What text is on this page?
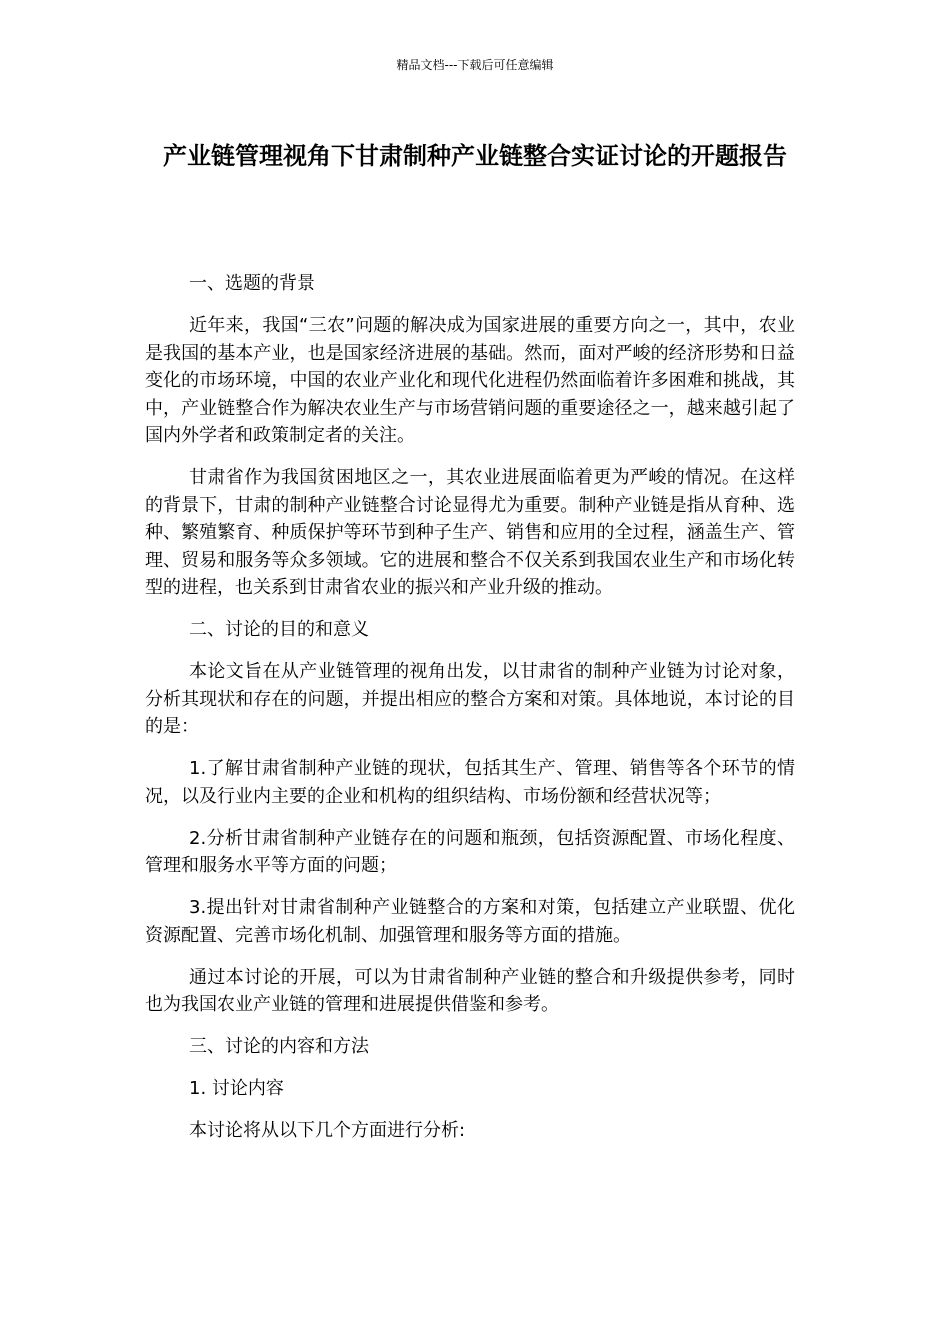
精品文档---下载后可任意编辑
产业链管理视角下甘肃制种产业链整合实证讨论的开题报告

一、选题的背景

近年来，我国“三农”问题的解决成为国家进展的重要方向之一，其中，农业是我国的基本产业，也是国家经济进展的基础。然而，面对严峻的经济形势和日益变化的市场环境，中国的农业产业化和现代化进程仍然面临着许多困难和挑战，其中，产业链整合作为解决农业生产与市场营销问题的重要途径之一，越来越引起了国内外学者和政策制定者的关注。

甘肃省作为我国贫困地区之一，其农业进展面临着更为严峻的情况。在这样的背景下，甘肃的制种产业链整合讨论显得尤为重要。制种产业链是指从育种、选种、繁殖繁育、种质保护等环节到种子生产、销售和应用的全过程，涵盖生产、管理、贸易和服务等众多领域。它的进展和整合不仅关系到我国农业生产和市场化转型的进程，也关系到甘肃省农业的振兴和产业升级的推动。

二、讨论的目的和意义

本论文旨在从产业链管理的视角出发，以甘肃省的制种产业链为讨论对象，分析其现状和存在的问题，并提出相应的整合方案和对策。具体地说，本讨论的目的是：

1.了解甘肃省制种产业链的现状，包括其生产、管理、销售等各个环节的情况，以及行业内主要的企业和机构的组织结构、市场份额和经营状况等；

2.分析甘肃省制种产业链存在的问题和瓶颈，包括资源配置、市场化程度、管理和服务水平等方面的问题；

3.提出针对甘肃省制种产业链整合的方案和对策，包括建立产业联盟、优化资源配置、完善市场化机制、加强管理和服务等方面的措施。

通过本讨论的开展，可以为甘肃省制种产业链的整合和升级提供参考，同时也为我国农业产业链的管理和进展提供借鉴和参考。

三、讨论的内容和方法

1. 讨论内容

本讨论将从以下几个方面进行分析:
